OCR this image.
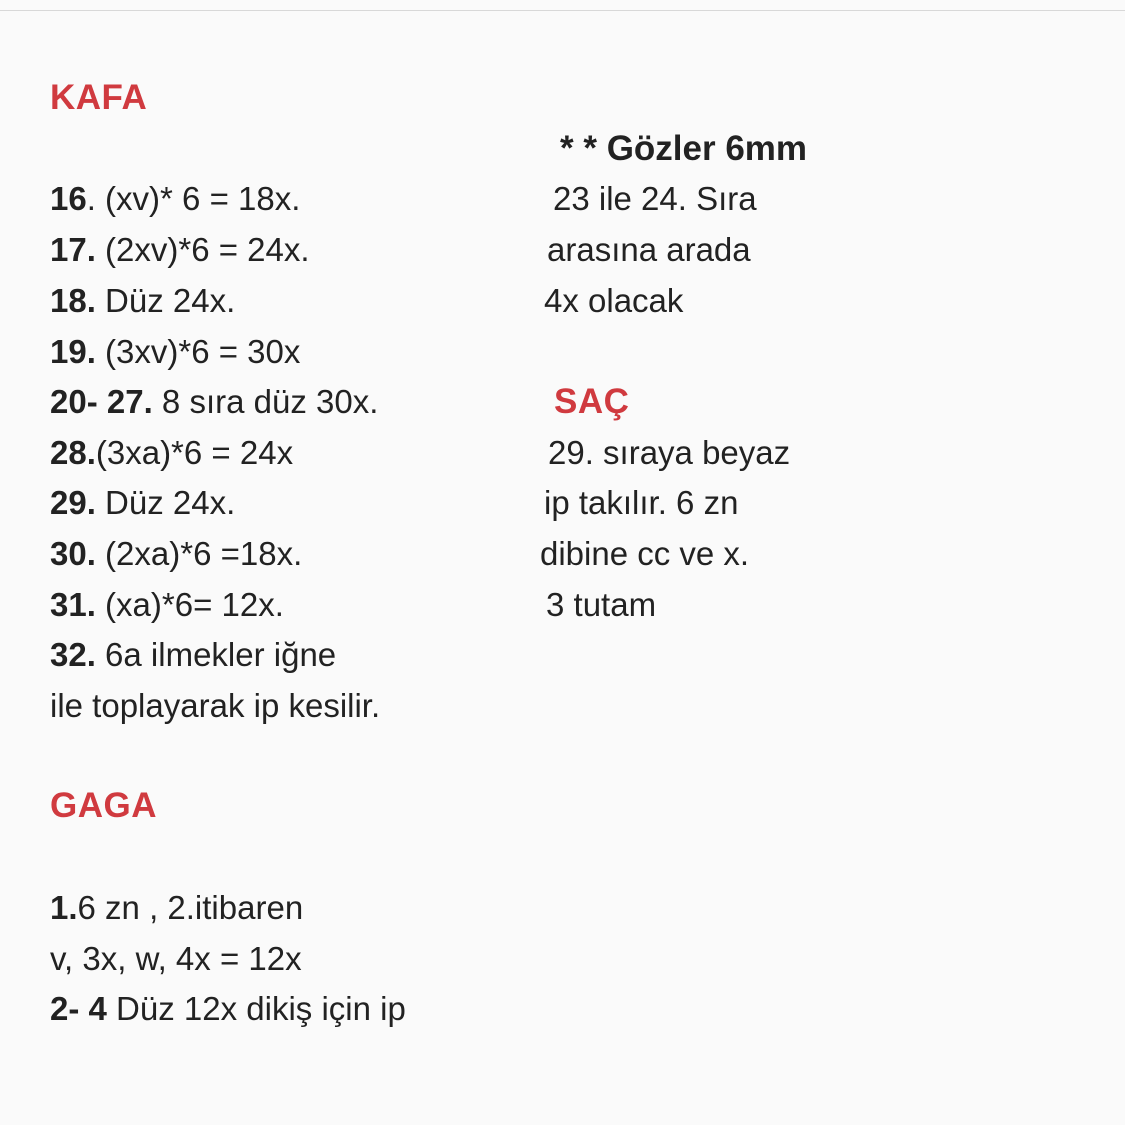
KAFA
16. (xv)* 6 = 18x.
17. (2xv)*6 = 24x.
18. Düz 24x.
19. (3xv)*6 = 30x
20- 27. 8 sıra düz 30x.
28.(3xa)*6 = 24x
29. Düz 24x.
30. (2xa)*6 =18x.
31. (xa)*6= 12x.
32. 6a ilmekler iğne
ile toplayarak ip kesilir.
GAGA
1.6 zn , 2.itibaren
v, 3x, w, 4x = 12x
2- 4 Düz 12x dikiş için ip
* * Gözler 6mm
23 ile 24. Sıra
arasına arada
4x olacak
SAÇ
29. sıraya beyaz
ip takılır. 6 zn
dibine cc ve x.
3 tutam
